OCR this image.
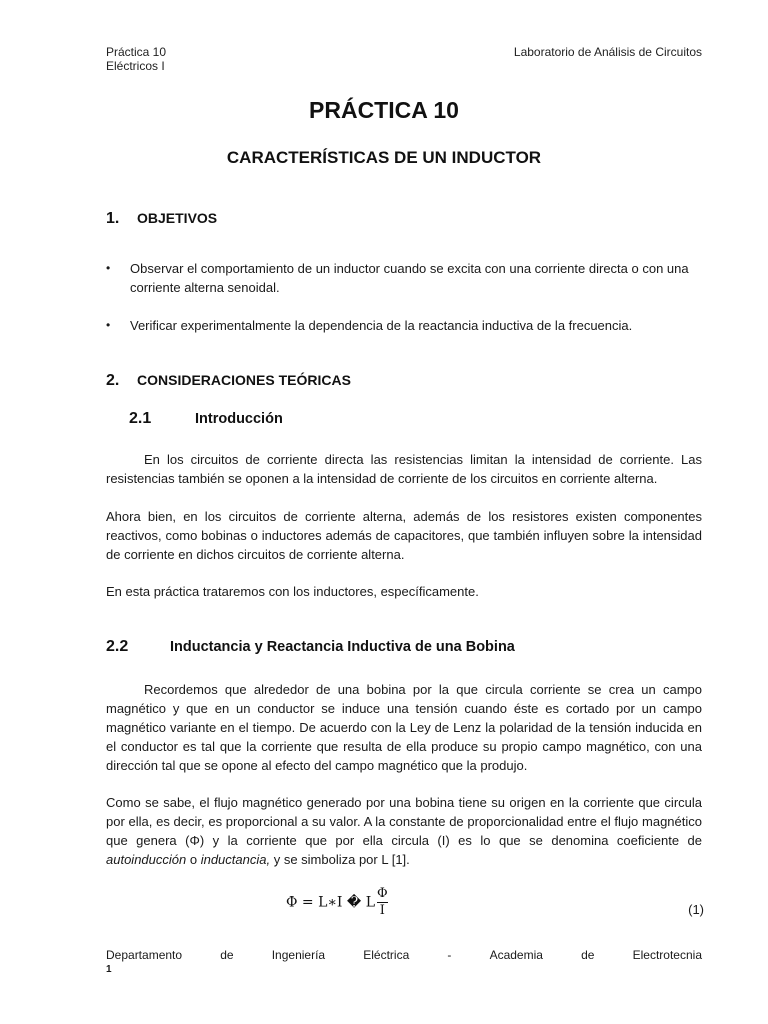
Práctica 10
Eléctricos I
Laboratorio de Análisis de Circuitos
PRÁCTICA 10
CARACTERÍSTICAS DE UN INDUCTOR
1. OBJETIVOS
• Observar el comportamiento de un inductor cuando se excita con una corriente directa o con una corriente alterna senoidal.
• Verificar experimentalmente la dependencia de la reactancia inductiva de la frecuencia.
2. CONSIDERACIONES TEÓRICAS
2.1	Introducción
En los circuitos de corriente directa las resistencias limitan la intensidad de corriente. Las resistencias también se oponen a la intensidad de corriente de los circuitos en corriente alterna.
Ahora bien, en los circuitos de corriente alterna, además de los resistores existen componentes reactivos, como bobinas o inductores además de capacitores, que también influyen sobre la intensidad de corriente en dichos circuitos de corriente alterna.
En esta práctica trataremos con los inductores, específicamente.
2.2	Inductancia y Reactancia Inductiva de una Bobina
Recordemos que alrededor de una bobina por la que circula corriente se crea un campo magnético y que en un conductor se induce una tensión cuando éste es cortado por un campo magnético variante en el tiempo. De acuerdo con la Ley de Lenz la polaridad de la tensión inducida en el conductor es tal que la corriente que resulta de ella produce su propio campo magnético, con una dirección tal que se opone al efecto del campo magnético que la produjo.
Como se sabe, el flujo magnético generado por una bobina tiene su origen en la corriente que circula por ella, es decir, es proporcional a su valor. A la constante de proporcionalidad entre el flujo magnético que genera (Φ) y la corriente que por ella circula (I) es lo que se denomina coeficiente de autoinducción o inductancia, y se simboliza por L [1].
Φ = L∗I � L $\frac{\Phi}{I}$	(1)
Departamento	de	Ingeniería	Eléctrica	-	Academia	de	Electrotecnia
1
